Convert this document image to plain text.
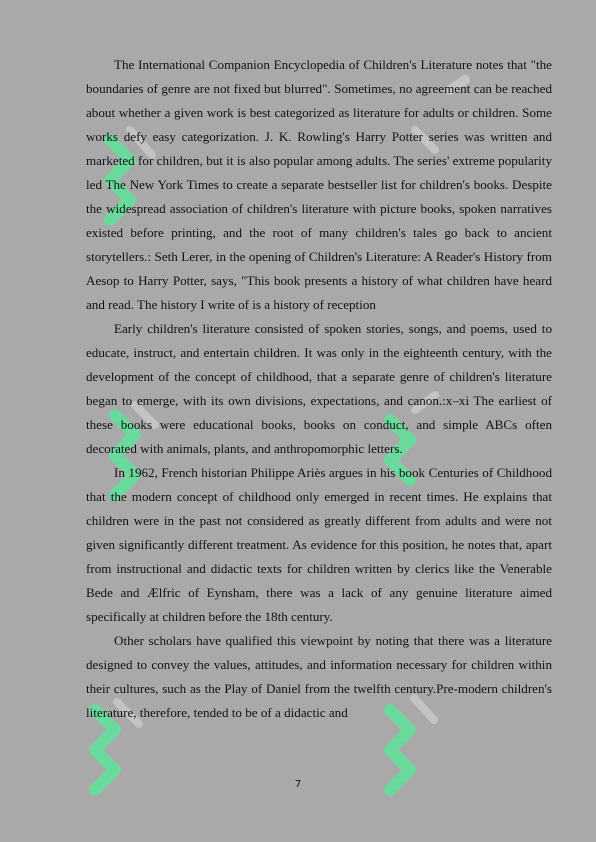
The International Companion Encyclopedia of Children's Literature notes that "the boundaries of genre are not fixed but blurred". Sometimes, no agreement can be reached about whether a given work is best categorized as literature for adults or children. Some works defy easy categorization. J. K. Rowling's Harry Potter series was written and marketed for children, but it is also popular among adults. The series' extreme popularity led The New York Times to create a separate bestseller list for children's books. Despite the widespread association of children's literature with picture books, spoken narratives existed before printing, and the root of many children's tales go back to ancient storytellers.: Seth Lerer, in the opening of Children's Literature: A Reader's History from Aesop to Harry Potter, says, "This book presents a history of what children have heard and read. The history I write of is a history of reception

Early children's literature consisted of spoken stories, songs, and poems, used to educate, instruct, and entertain children. It was only in the eighteenth century, with the development of the concept of childhood, that a separate genre of children's literature began to emerge, with its own divisions, expectations, and canon.:x–xi The earliest of these books were educational books, books on conduct, and simple ABCs often decorated with animals, plants, and anthropomorphic letters.

In 1962, French historian Philippe Ariès argues in his book Centuries of Childhood that the modern concept of childhood only emerged in recent times. He explains that children were in the past not considered as greatly different from adults and were not given significantly different treatment. As evidence for this position, he notes that, apart from instructional and didactic texts for children written by clerics like the Venerable Bede and Ælfric of Eynsham, there was a lack of any genuine literature aimed specifically at children before the 18th century.

Other scholars have qualified this viewpoint by noting that there was a literature designed to convey the values, attitudes, and information necessary for children within their cultures, such as the Play of Daniel from the twelfth century.Pre-modern children's literature, therefore, tended to be of a didactic and

7
